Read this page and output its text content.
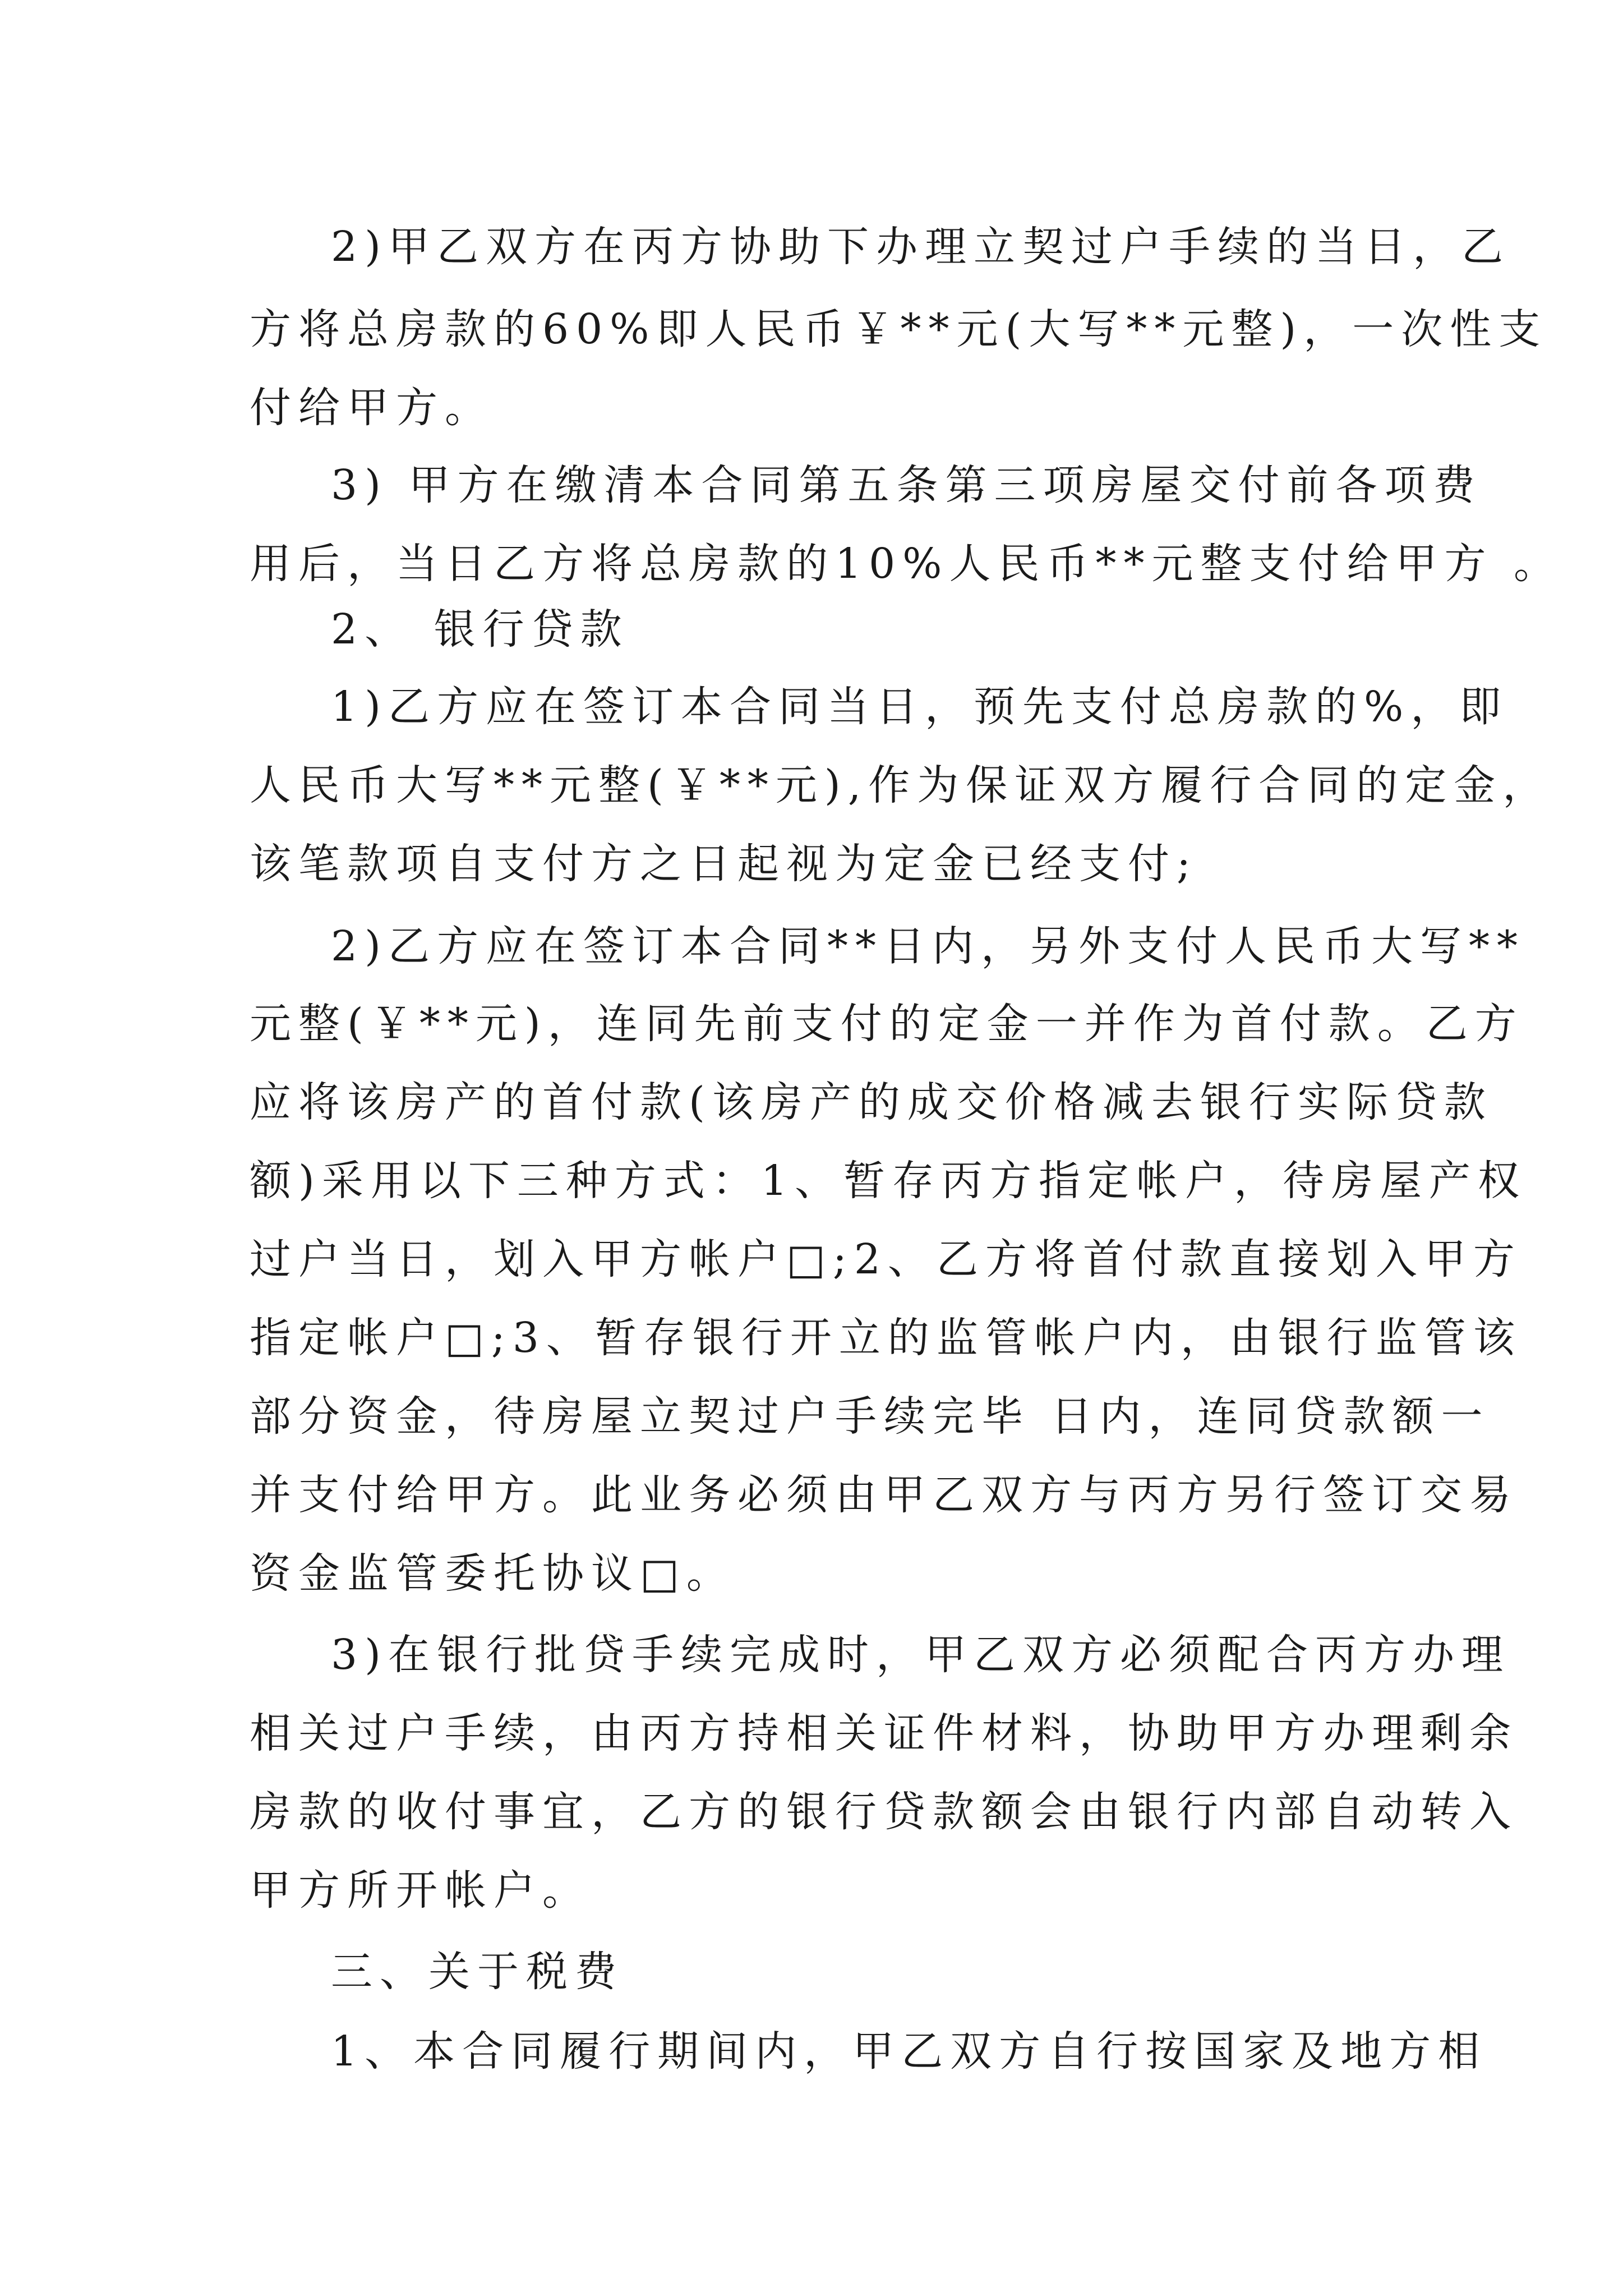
2)甲乙双方在丙方协助下办理立契过户手续的当日，乙
方将总房款的60%即人民币￥**元(大写**元整)，一次性支
付给甲方。
3) 甲方在缴清本合同第五条第三项房屋交付前各项费
用后，当日乙方将总房款的10%人民币**元整支付给甲方 。
2、 银行贷款
1)乙方应在签订本合同当日，预先支付总房款的%，即
人民币大写**元整(￥**元),作为保证双方履行合同的定金，
该笔款项自支付方之日起视为定金已经支付;
2)乙方应在签订本合同**日内，另外支付人民币大写**
元整(￥**元)，连同先前支付的定金一并作为首付款。乙方
应将该房产的首付款(该房产的成交价格减去银行实际贷款
额)采用以下三种方式：1、暂存丙方指定帐户，待房屋产权
过户当日，划入甲方帐户□;2、乙方将首付款直接划入甲方
指定帐户□;3、暂存银行开立的监管帐户内，由银行监管该
部分资金，待房屋立契过户手续完毕 日内，连同贷款额一
并支付给甲方。此业务必须由甲乙双方与丙方另行签订交易
资金监管委托协议□。
3)在银行批贷手续完成时，甲乙双方必须配合丙方办理
相关过户手续，由丙方持相关证件材料，协助甲方办理剩余
房款的收付事宜，乙方的银行贷款额会由银行内部自动转入
甲方所开帐户。
三、关于税费
1、本合同履行期间内，甲乙双方自行按国家及地方相
